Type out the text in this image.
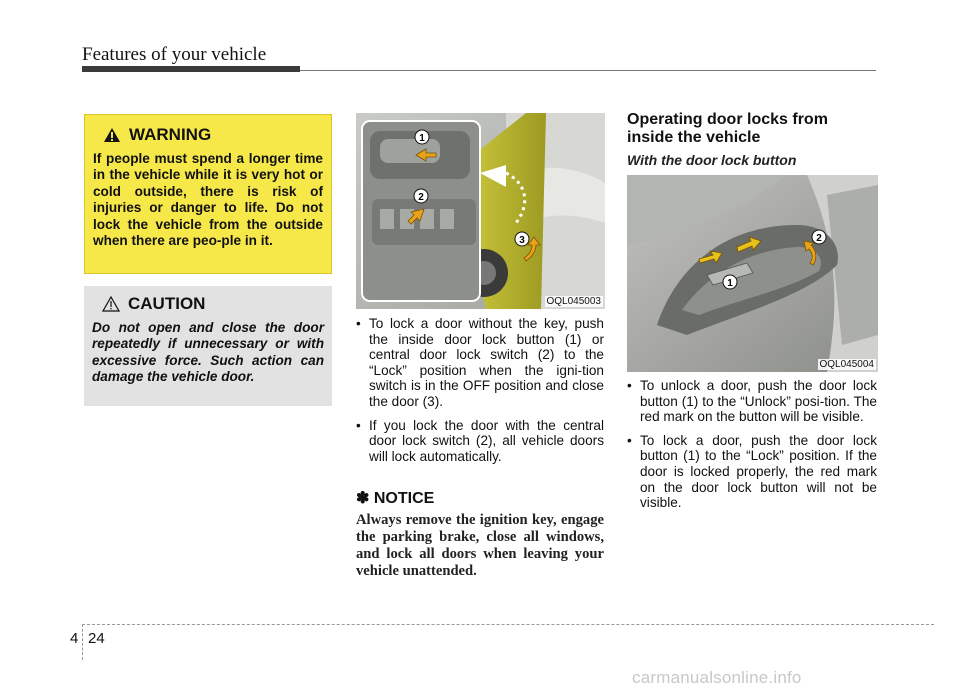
Features of your vehicle
WARNING
If people must spend a longer time in the vehicle while it is very hot or cold outside, there is risk of injuries or danger to life. Do not lock the vehicle from the outside when there are peo-ple in it.
CAUTION
Do not open and close the door repeatedly if unnecessary or with excessive force. Such action can damage the vehicle door.
1
2
3
OQL045003
• To lock a door without the key, push the inside door lock button (1) or central door lock switch (2) to the “Lock” position when the igni-tion switch is in the OFF position and close the door (3).
• If you lock the door with the central door lock switch (2), all vehicle doors will lock automatically.
✽ NOTICE
Always remove the ignition key, engage the parking brake, close all windows, and lock all doors when leaving your vehicle unattended.
Operating door locks from inside the vehicle
With the door lock button
1
2
OQL045004
• To unlock a door, push the door lock button (1) to the “Unlock” posi-tion. The red mark on the button will be visible.
• To lock a door, push the door lock button (1) to the “Lock” position. If the door is locked properly, the red mark on the door lock button will not be visible.
4 24
carmanualsonline.info
